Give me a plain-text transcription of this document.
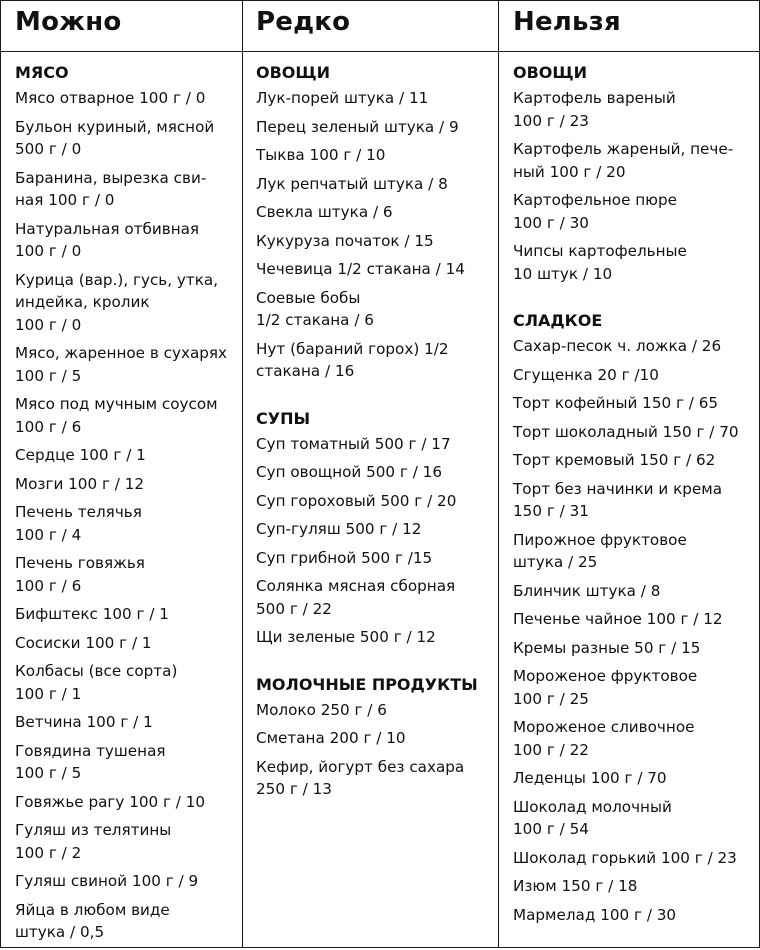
Можно
МЯСО
Мясо отварное 100 г / 0
Бульон куриный, мясной
500 г / 0
Баранина, вырезка сви-
ная 100 г / 0
Натуральная отбивная
100 г / 0
Курица (вар.), гусь, утка,
индейка, кролик
100 г / 0
Мясо, жаренное в сухарях
100 г / 5
Мясо под мучным соусом
100 г / 6
Сердце 100 г / 1
Мозги 100 г / 12
Печень телячья
100 г / 4
Печень говяжья
100 г / 6
Бифштекс 100 г / 1
Сосиски 100 г / 1
Колбасы (все сорта)
100 г / 1
Ветчина 100 г / 1
Говядина тушеная
100 г / 5
Говяжье рагу 100 г / 10
Гуляш из телятины
100 г / 2
Гуляш свиной 100 г / 9
Яйца в любом виде
штука / 0,5
Редко
ОВОЩИ
Лук-порей штука / 11
Перец зеленый штука / 9
Тыква 100 г / 10
Лук репчатый штука / 8
Свекла штука / 6
Кукуруза початок / 15
Чечевица 1/2 стакана / 14
Соевые бобы
1/2 стакана / 6
Нут (бараний горох) 1/2
стакана / 16
СУПЫ
Суп томатный 500 г / 17
Суп овощной 500 г / 16
Суп гороховый 500 г / 20
Суп-гуляш 500 г / 12
Суп грибной 500 г /15
Солянка мясная сборная
500 г / 22
Щи зеленые 500 г / 12
МОЛОЧНЫЕ ПРОДУКТЫ
Молоко 250 г / 6
Сметана 200 г / 10
Кефир, йогурт без сахара
250 г / 13
Нельзя
ОВОЩИ
Картофель вареный
100 г / 23
Картофель жареный, пече-
ный 100 г / 20
Картофельное пюре
100 г / 30
Чипсы картофельные
10 штук / 10
СЛАДКОЕ
Сахар-песок ч. ложка / 26
Сгущенка 20 г /10
Торт кофейный 150 г / 65
Торт шоколадный 150 г / 70
Торт кремовый 150 г / 62
Торт без начинки и крема
150 г / 31
Пирожное фруктовое
штука / 25
Блинчик штука / 8
Печенье чайное 100 г / 12
Кремы разные 50 г / 15
Мороженое фруктовое
100 г / 25
Мороженое сливочное
100 г / 22
Леденцы 100 г / 70
Шоколад молочный
100 г / 54
Шоколад горький 100 г / 23
Изюм 150 г / 18
Мармелад 100 г / 30
